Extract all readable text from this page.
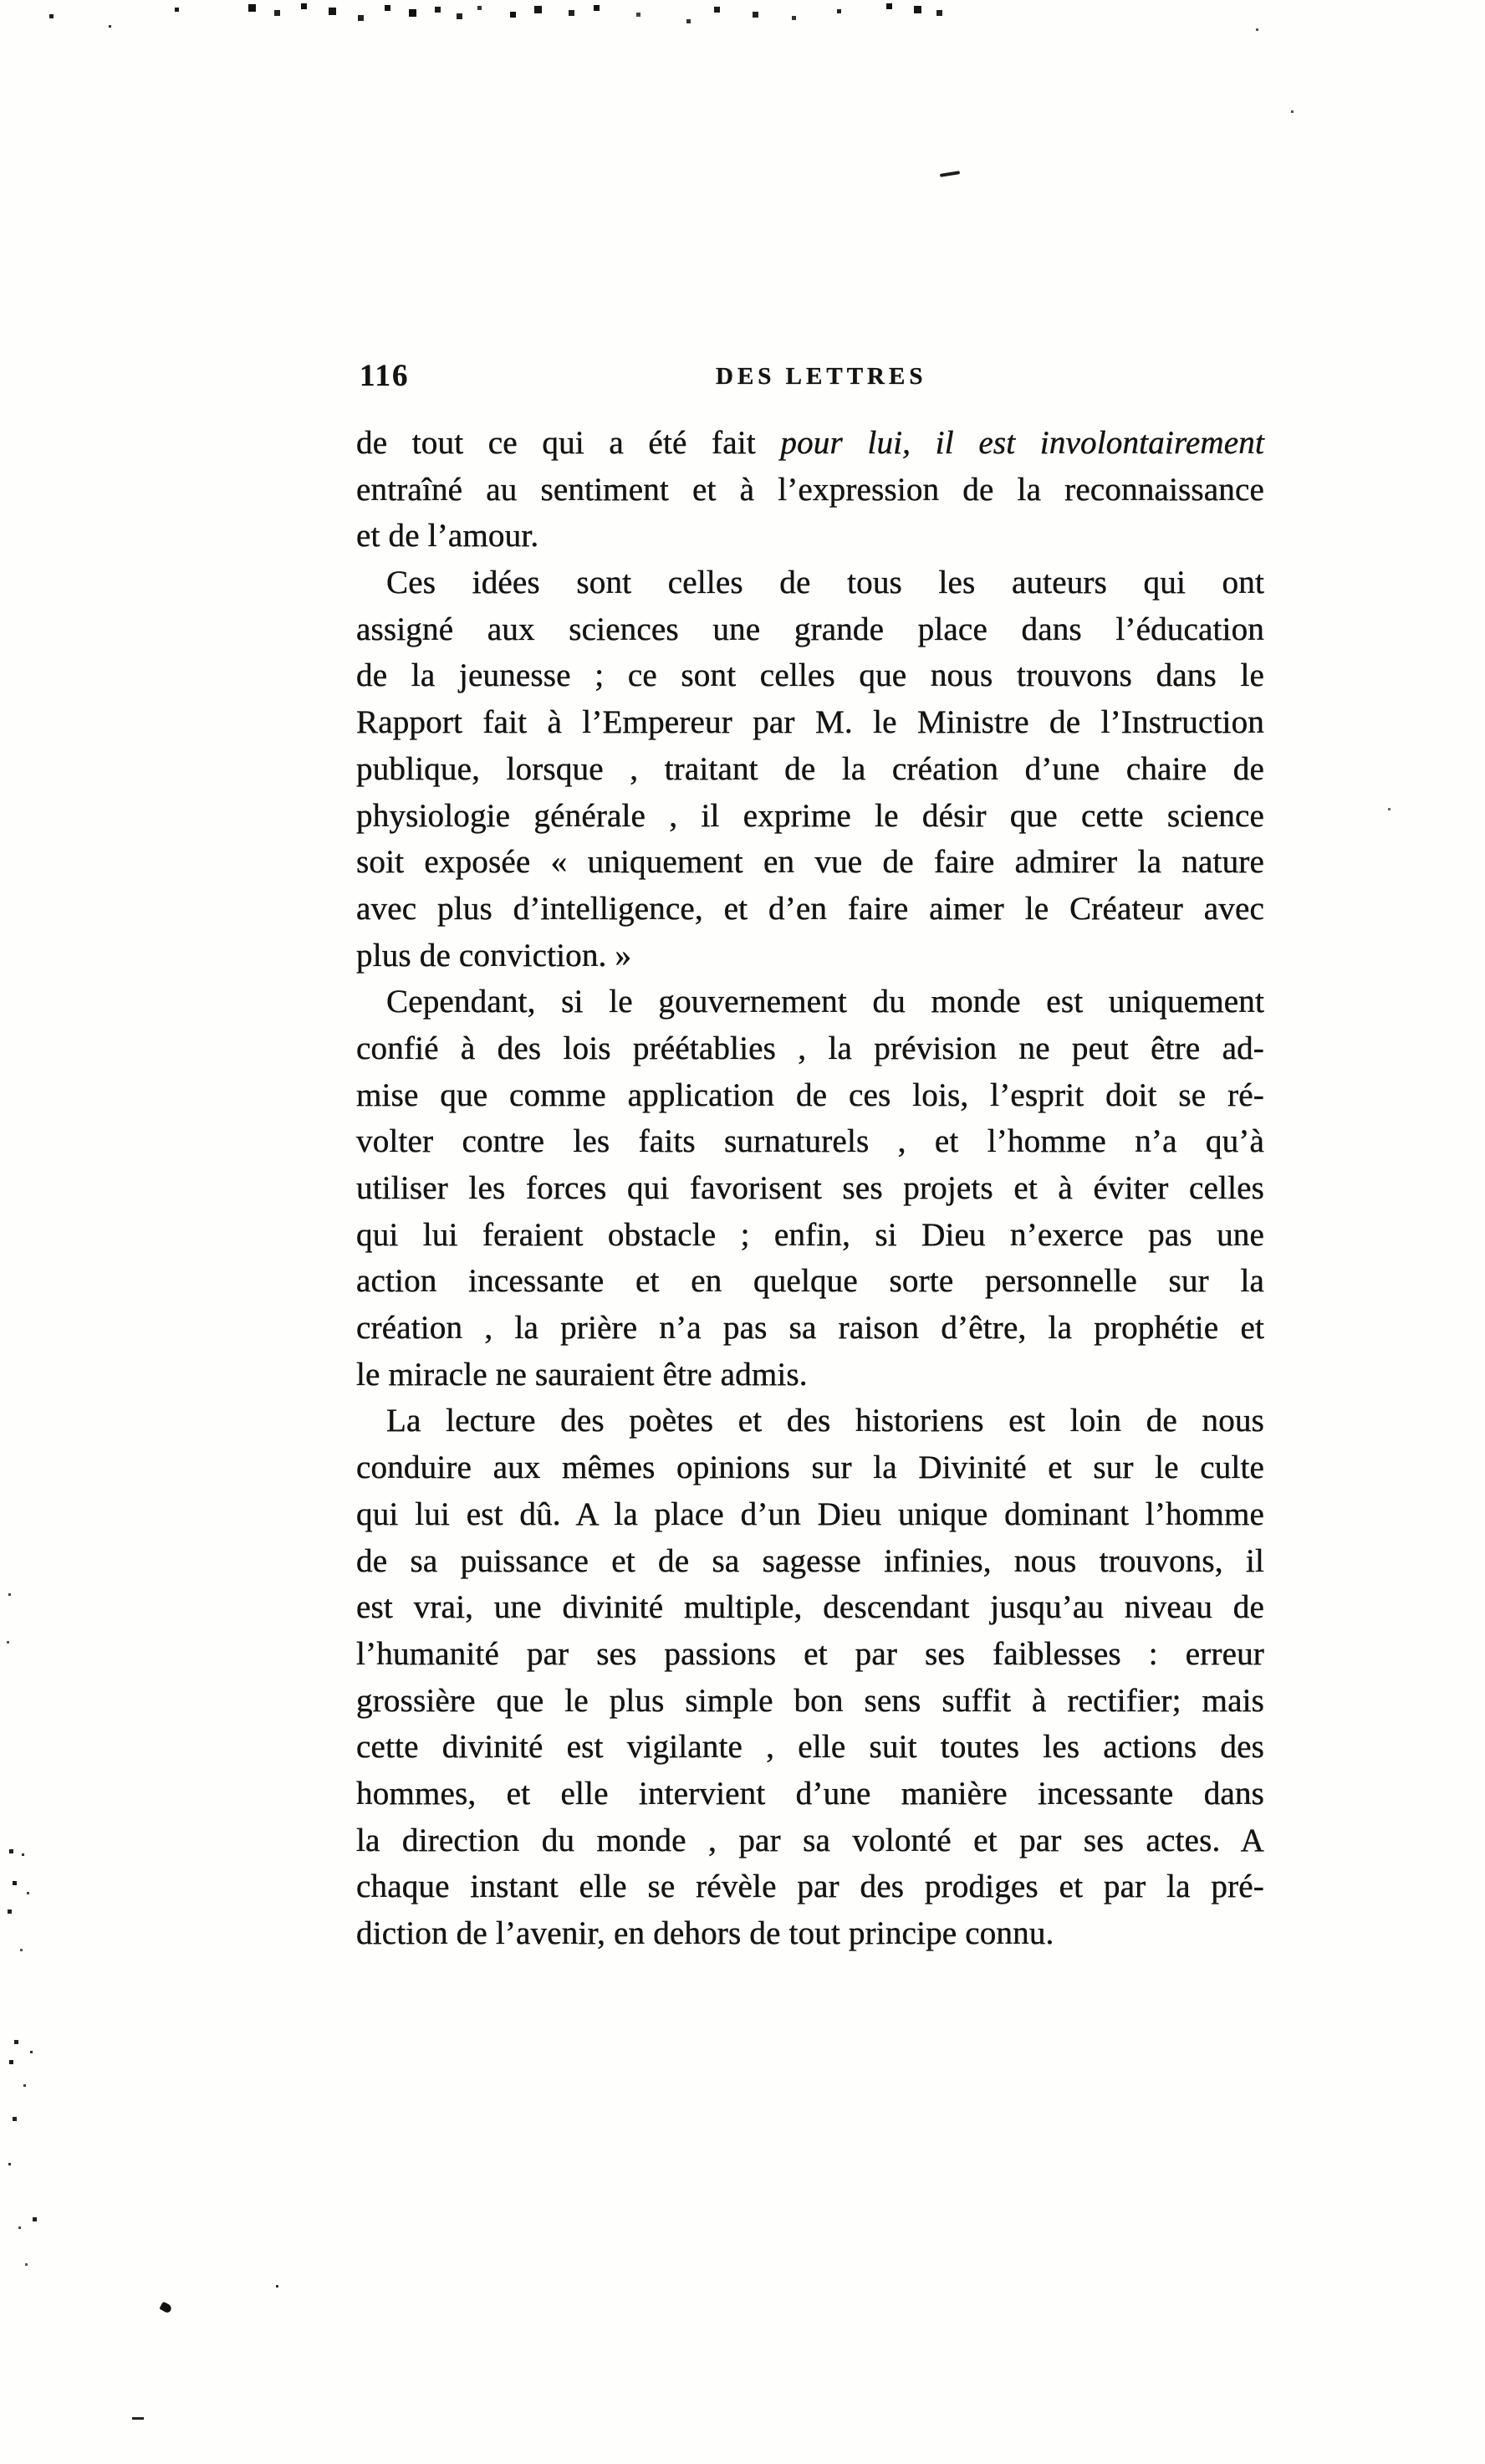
116	DES LETTRES
de tout ce qui a été fait pour lui, il est involontairement
entraîné au sentiment et à l’expression de la reconnaissance
et de l’amour.
Ces idées sont celles de tous les auteurs qui ont
assigné aux sciences une grande place dans l’éducation
de la jeunesse ; ce sont celles que nous trouvons dans le
Rapport fait à l’Empereur par M. le Ministre de l’Instruction
publique, lorsque , traitant de la création d’une chaire de
physiologie générale , il exprime le désir que cette science
soit exposée « uniquement en vue de faire admirer la nature
avec plus d’intelligence, et d’en faire aimer le Créateur avec
plus de conviction. »
Cependant, si le gouvernement du monde est uniquement
confié à des lois préétablies , la prévision ne peut être ad-
mise que comme application de ces lois, l’esprit doit se ré-
volter contre les faits surnaturels , et l’homme n’a qu’à
utiliser les forces qui favorisent ses projets et à éviter celles
qui lui feraient obstacle ; enfin, si Dieu n’exerce pas une
action incessante et en quelque sorte personnelle sur la
création , la prière n’a pas sa raison d’être, la prophétie et
le miracle ne sauraient être admis.
La lecture des poètes et des historiens est loin de nous
conduire aux mêmes opinions sur la Divinité et sur le culte
qui lui est dû. A la place d’un Dieu unique dominant l’homme
de sa puissance et de sa sagesse infinies, nous trouvons, il
est vrai, une divinité multiple, descendant jusqu’au niveau de
l’humanité par ses passions et par ses faiblesses : erreur
grossière que le plus simple bon sens suffit à rectifier; mais
cette divinité est vigilante , elle suit toutes les actions des
hommes, et elle intervient d’une manière incessante dans
la direction du monde , par sa volonté et par ses actes. A
chaque instant elle se révèle par des prodiges et par la pré-
diction de l’avenir, en dehors de tout principe connu.
